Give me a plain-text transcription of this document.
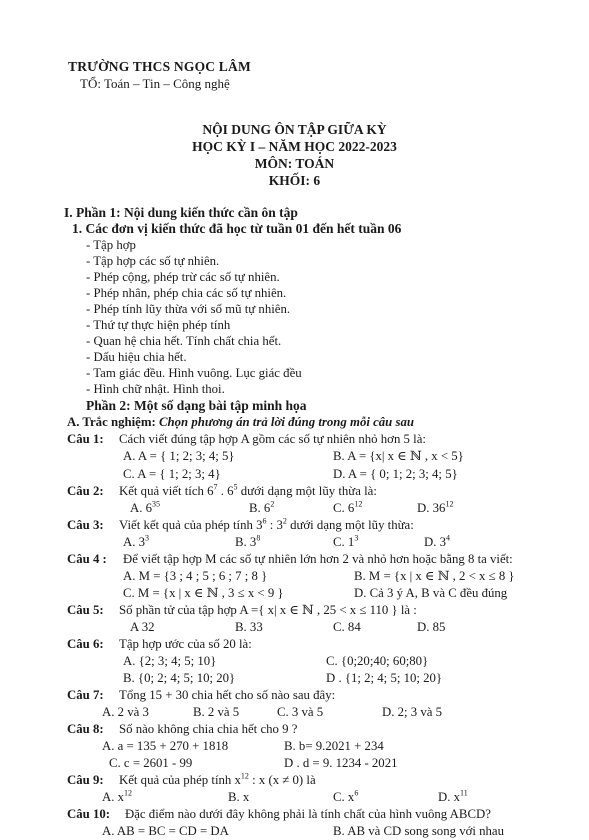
TRƯỜNG THCS NGỌC LÂM
TỔ: Toán – Tin – Công nghệ
NỘI DUNG ÔN TẬP GIỮA KỲ
HỌC KỲ I – NĂM HỌC 2022-2023
MÔN: TOÁN
KHỐI: 6
I. Phần 1: Nội dung kiến thức cần ôn tập
1. Các đơn vị kiến thức đã học từ tuần 01 đến hết tuần 06
- Tập hợp
- Tập hợp các số tự nhiên.
- Phép cộng, phép trừ các số tự nhiên.
- Phép nhân, phép chia các số tự nhiên.
- Phép tính lũy thừa với số mũ tự nhiên.
- Thứ tự thực hiện phép tính
- Quan hệ chia hết. Tính chất chia hết.
- Dấu hiệu chia hết.
- Tam giác đều. Hình vuông. Lục giác đều
- Hình chữ nhật. Hình thoi.
Phần 2: Một số dạng bài tập minh họa
A. Trắc nghiệm: Chọn phương án trả lời đúng trong mỗi câu sau
Câu 1: Cách viết đúng tập hợp A gồm các số tự nhiên nhỏ hơn 5 là:
A. A = { 1; 2; 3; 4; 5}	B. A = {x| x ∈ ℕ , x < 5}
C. A = { 1; 2; 3; 4}	D. A = { 0; 1; 2; 3; 4; 5}
Câu 2: Kết quả viết tích $6^7$ . $6^5$ dưới dạng một lũy thừa là:
A. $6^{35}$	B. $6^2$	C. $6^{12}$	D. $36^{12}$
Câu 3: Viết kết quả của phép tính $3^6$ : $3^2$ dưới dạng một lũy thừa:
A. $3^3$	B. $3^8$	C. $1^3$	D. $3^4$
Câu 4 : Để viết tập hợp M các số tự nhiên lớn hơn 2 và nhỏ hơn hoặc bằng 8 ta viết:
A. M = {3 ; 4 ; 5 ; 6 ; 7 ; 8 }	B. M = {x | x ∈ ℕ , 2 < x ≤ 8 }
C. M = {x | x ∈ ℕ , 3 ≤ x < 9 }	D. Cả 3 ý A, B và C đều đúng
Câu 5: Số phần tử của tập hợp A ={ x| x ∈ ℕ , 25 < x ≤ 110 } là :
A 32	B. 33	C. 84	D. 85
Câu 6: Tập hợp ước của số 20 là:
A. {2; 3; 4; 5; 10}	C. {0;20;40; 60;80}
B. {0; 2; 4; 5; 10; 20}	D . {1; 2; 4; 5; 10; 20}
Câu 7: Tổng 15 + 30 chia hết cho số nào sau đây:
A. 2 và 3	B. 2 và 5	C. 3 và 5	D. 2; 3 và 5
Câu 8: Số nào không chia chia hết cho 9 ?
A. a = 135 + 270 + 1818	B. b= 9.2021 + 234
C. c = 2601 - 99	D . d = 9. 1234 - 2021
Câu 9: Kết quả của phép tính $x^{12}$ : x (x ≠ 0) là
A. $x^{12}$	B. x	C. $x^6$	D. $x^{11}$
Câu 10: Đặc điểm nào dưới đây không phải là tính chất của hình vuông ABCD?
A. AB = BC = CD = DA	B. AB và CD song song với nhau
